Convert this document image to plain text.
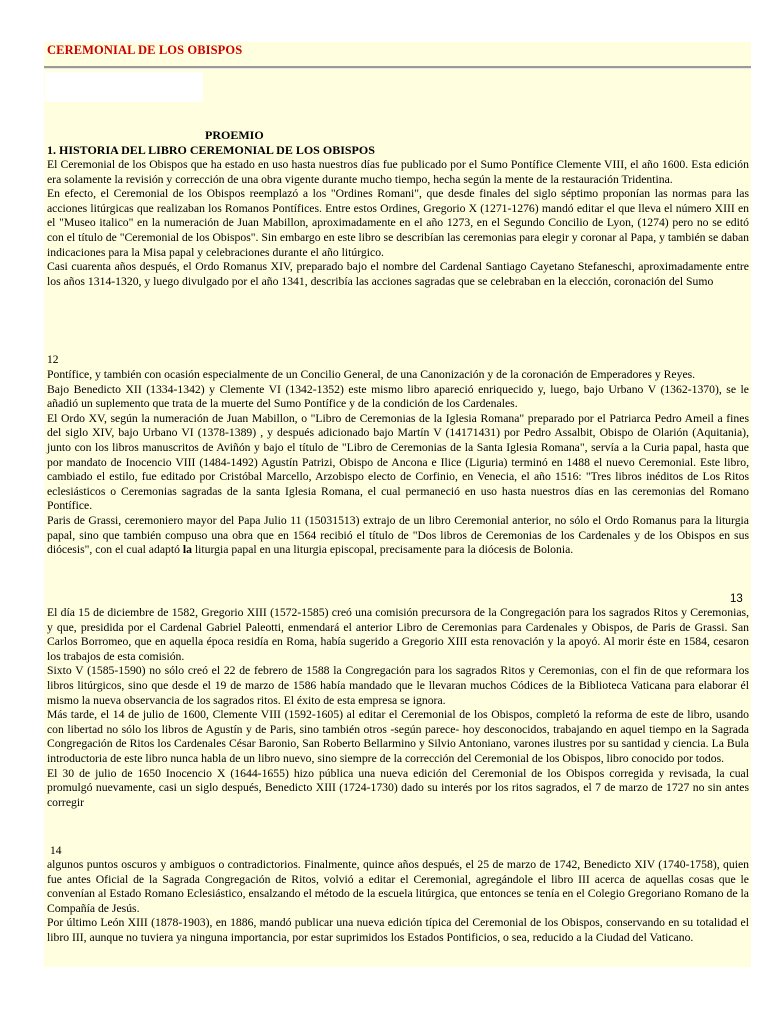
CEREMONIAL DE LOS OBISPOS
PROEMIO
1. HISTORIA DEL LIBRO CEREMONIAL DE LOS OBISPOS

El Ceremonial de los Obispos que ha estado en uso hasta nuestros días fue publicado por el Sumo Pontífice Clemente VIII, el año 1600. Esta edición era solamente la revisión y corrección de una obra vigente durante mucho tiempo, hecha según la mente de la restauración Tridentina.

En efecto, el Ceremonial de los Obispos reemplazó a los "Ordines Romani", que desde finales del siglo séptimo proponían las normas para las acciones litúrgicas que realizaban los Romanos Pontífices. Entre estos Ordines, Gregorio X (1271-1276) mandó editar el que lleva el número XIII en el "Museo italico" en la numeración de Juan Mabillon, aproximadamente en el año 1273, en el Segundo Concilio de Lyon, (1274) pero no se editó con el título de "Ceremonial de los Obispos". Sin embargo en este libro se describían las ceremonias para elegir y coronar al Papa, y también se daban indicaciones para la Misa papal y celebraciones durante el año litúrgico.

Casi cuarenta años después, el Ordo Romanus XIV, preparado bajo el nombre del Cardenal Santiago Cayetano Stefaneschi, aproximadamente entre los años 1314-1320, y luego divulgado por el año 1341, describía las acciones sagradas que se celebraban en la elección, coronación del Sumo

12

Pontífice, y también con ocasión especialmente de un Concilio General, de una Canonización y de la coronación de Emperadores y Reyes.

Bajo Benedicto XII (1334-1342) y Clemente VI (1342-1352) este mismo libro apareció enriquecido y, luego, bajo Urbano V (1362-1370), se le añadió un suplemento que trata de la muerte del Sumo Pontífice y de la condición de los Cardenales.

El Ordo XV, según la numeración de Juan Mabillon, o "Libro de Ceremonias de la Iglesia Romana" preparado por el Patriarca Pedro Ameil a fines del siglo XIV, bajo Urbano VI (1378-1389) , y después adicionado bajo Martín V (14171431) por Pedro Assalbit, Obispo de Olarión (Aquitania), junto con los libros manuscritos de Aviñón y bajo el título de "Libro de Ceremonias de la Santa Iglesia Romana", servía a la Curia papal, hasta que por mandato de Inocencio VIII (1484-1492) Agustín Patrizi, Obispo de Ancona e Ilice (Liguria) terminó en 1488 el nuevo Ceremonial. Este libro, cambiado el estilo, fue editado por Cristóbal Marcello, Arzobispo electo de Corfinio, en Venecia, el año 1516: "Tres libros inéditos de Los Ritos eclesiásticos o Ceremonias sagradas de la santa Iglesia Romana, el cual permaneció en uso hasta nuestros días en las ceremonias del Romano Pontífice.

Paris de Grassi, ceremoniero mayor del Papa Julio 11 (15031513) extrajo de un libro Ceremonial anterior, no sólo el Ordo Romanus para la liturgia papal, sino que también compuso una obra que en 1564 recibió el título de "Dos libros de Ceremonias de los Cardenales y de los Obispos en sus diócesis", con el cual adaptó la liturgia papal en una liturgia episcopal, precisamente para la diócesis de Bolonia.

13

El día 15 de diciembre de 1582, Gregorio XIII (1572-1585) creó una comisión precursora de la Congregación para los sagrados Ritos y Ceremonias, y que, presidida por el Cardenal Gabriel Paleotti, enmendará el anterior Libro de Ceremonias para Cardenales y Obispos, de Paris de Grassi. San Carlos Borromeo, que en aquella época residía en Roma, había sugerido a Gregorio XIII esta renovación y la apoyó. Al morir éste en 1584, cesaron los trabajos de esta comisión.

Sixto V (1585-1590) no sólo creó el 22 de febrero de 1588 la Congregación para los sagrados Ritos y Ceremonias, con el fin de que reformara los libros litúrgicos, sino que desde el 19 de marzo de 1586 había mandado que le llevaran muchos Códices de la Biblioteca Vaticana para elaborar él mismo la nueva observancia de los sagrados ritos. El éxito de esta empresa se ignora.

Más tarde, el 14 de julio de 1600, Clemente VIII (1592-1605) al editar el Ceremonial de los Obispos, completó la reforma de este de libro, usando con libertad no sólo los libros de Agustín y de Paris, sino también otros -según parece- hoy desconocidos, trabajando en aquel tiempo en la Sagrada Congregación de Ritos los Cardenales César Baronio, San Roberto Bellarmino y Silvio Antoniano, varones ilustres por su santidad y ciencia. La Bula introductoria de este libro nunca habla de un libro nuevo, sino siempre de la corrección del Ceremonial de los Obispos, libro conocido por todos.

El 30 de julio de 1650 Inocencio X (1644-1655) hizo pública una nueva edición del Ceremonial de los Obispos corregida y revisada, la cual promulgó nuevamente, casi un siglo después, Benedicto XIII (1724-1730) dado su interés por los ritos sagrados, el 7 de marzo de 1727 no sin antes corregir

14

algunos puntos oscuros y ambiguos o contradictorios. Finalmente, quince años después, el 25 de marzo de 1742, Benedicto XIV (1740-1758), quien fue antes Oficial de la Sagrada Congregación de Ritos, volvió a editar el Ceremonial, agregándole el libro III acerca de aquellas cosas que le convenían al Estado Romano Eclesiástico, ensalzando el método de la escuela litúrgica, que entonces se tenía en el Colegio Gregoriano Romano de la Compañía de Jesús.

Por último León XIII (1878-1903), en 1886, mandó publicar una nueva edición típica del Ceremonial de los Obispos, conservando en su totalidad el libro III, aunque no tuviera ya ninguna importancia, por estar suprimidos los Estados Pontificios, o sea, reducido a la Ciudad del Vaticano.
